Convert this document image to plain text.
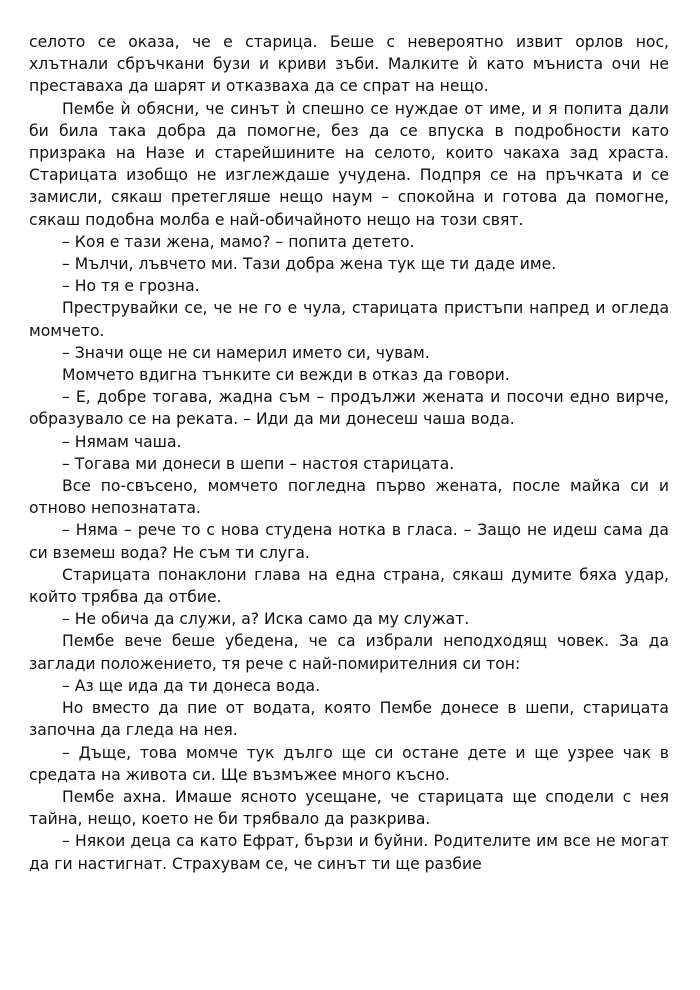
селото се оказа, че е старица. Беше с невероятно извит орлов нос, хлътнали сбръчкани бузи и криви зъби. Малките ѝ като мъниста очи не преставаха да шарят и отказваха да се спрат на нещо.

Пембе ѝ обясни, че синът ѝ спешно се нуждае от име, и я попита дали би била така добра да помогне, без да се впуска в подробности като призрака на Назе и старейшините на селото, които чакаха зад храста. Старицата изобщо не изглеждаше учудена. Подпря се на пръчката и се замисли, сякаш претегляше нещо наум – спокойна и готова да помогне, сякаш подобна молба е най-обичайното нещо на този свят.

– Коя е тази жена, мамо? – попита детето.

– Мълчи, лъвчето ми. Тази добра жена тук ще ти даде име.

– Но тя е грозна.

Преструвайки се, че не го е чула, старицата пристъпи напред и огледа момчето.

– Значи още не си намерил името си, чувам.

Момчето вдигна тънките си вежди в отказ да говори.

– Е, добре тогава, жадна съм – продължи жената и посочи едно вирче, образувало се на реката. – Иди да ми донесеш чаша вода.

– Нямам чаша.

– Тогава ми донеси в шепи – настоя старицата.

Все по-свъсено, момчето погледна първо жената, после майка си и отново непознатата.

– Няма – рече то с нова студена нотка в гласа. – Защо не идеш сама да си вземеш вода? Не съм ти слуга.

Старицата понаклони глава на една страна, сякаш думите бяха удар, който трябва да отбие.

– Не обича да служи, а? Иска само да му служат.

Пембе вече беше убедена, че са избрали неподходящ човек. За да заглади положението, тя рече с най-помирителния си тон:

– Аз ще ида да ти донеса вода.

Но вместо да пие от водата, която Пембе донесе в шепи, старицата започна да гледа на нея.

– Дъще, това момче тук дълго ще си остане дете и ще узрее чак в средата на живота си. Ще възмъжее много късно.

Пембе ахна. Имаше ясното усещане, че старицата ще сподели с нея тайна, нещо, което не би трябвало да разкрива.

– Някои деца са като Ефрат, бързи и буйни. Родителите им все не могат да ги настигнат. Страхувам се, че синът ти ще разбие
